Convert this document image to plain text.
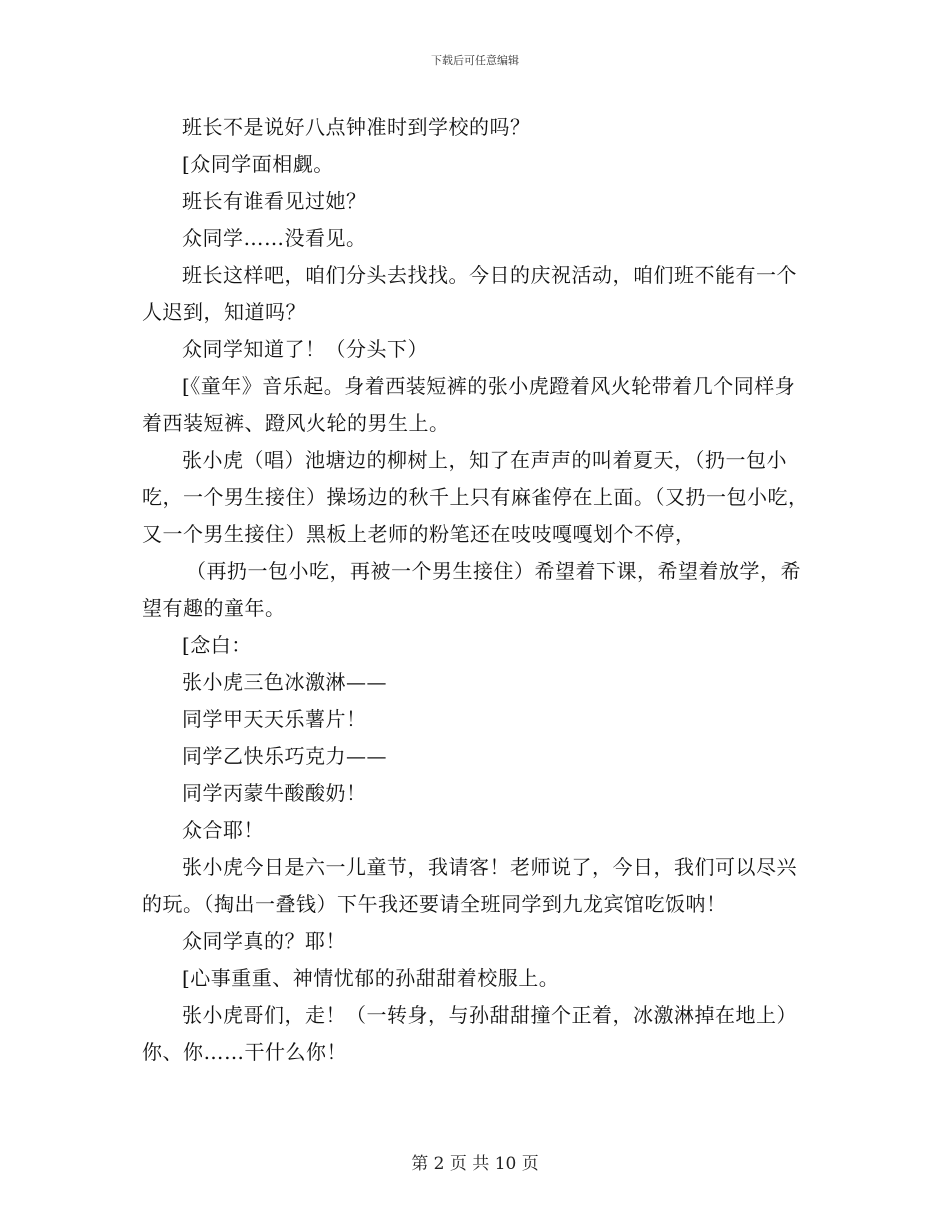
下载后可任意编辑

班长不是说好八点钟准时到学校的吗？

[众同学面相觑。

班长有谁看见过她？

众同学……没看见。

班长这样吧，咱们分头去找找。今日的庆祝活动，咱们班不能有一个人迟到，知道吗？

众同学知道了！（分头下）

[《童年》音乐起。身着西装短裤的张小虎蹬着风火轮带着几个同样身着西装短裤、蹬风火轮的男生上。

张小虎（唱）池塘边的柳树上，知了在声声的叫着夏天，（扔一包小吃，一个男生接住）操场边的秋千上只有麻雀停在上面。（又扔一包小吃，又一个男生接住）黑板上老师的粉笔还在吱吱嘎嘎划个不停，

（再扔一包小吃，再被一个男生接住）希望着下课，希望着放学，希望有趣的童年。

[念白：

张小虎三色冰激淋——

同学甲天天乐薯片！

同学乙快乐巧克力——

同学丙蒙牛酸酸奶！

众合耶！

张小虎今日是六一儿童节，我请客！老师说了，今日，我们可以尽兴的玩。（掏出一叠钱）下午我还要请全班同学到九龙宾馆吃饭呐！

众同学真的？耶！

[心事重重、神情忧郁的孙甜甜着校服上。

张小虎哥们，走！（一转身，与孙甜甜撞个正着，冰激淋掉在地上）你、你……干什么你！

第 2 页 共 10 页
